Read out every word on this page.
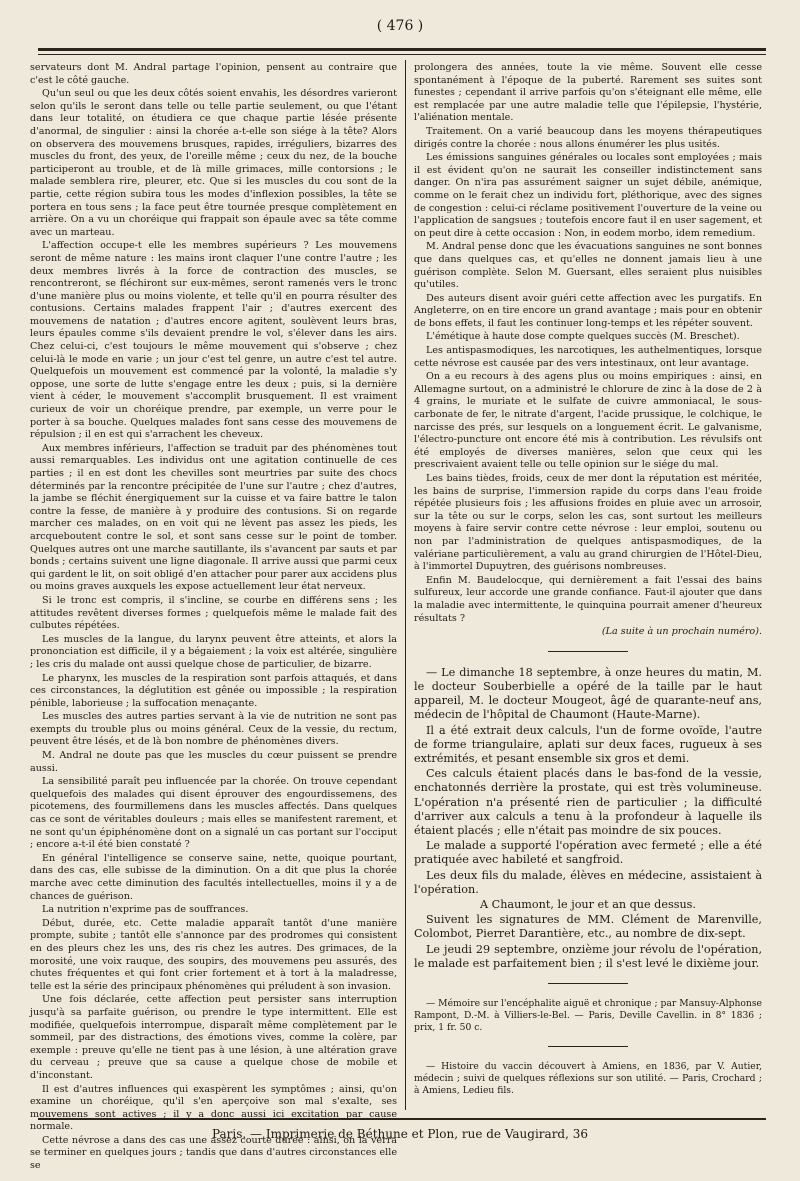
( 476 )

servateurs dont M. Andral partage l'opinion, pensent au contraire que c'est le côté gauche.

Qu'un seul ou que les deux côtés soient envahis, les désordres varieront selon qu'ils le seront dans telle ou telle partie seulement, ou que l'étant dans leur totalité, on étudiera ce que chaque partie lésée présente d'anormal, de singulier : ainsi la chorée a-t-elle son siége à la tête? Alors on observera des mouvemens brusques, rapides, irréguliers, bizarres des muscles du front, des yeux, de l'oreille même ; ceux du nez, de la bouche participeront au trouble, et de là mille grimaces, mille contorsions ; le malade semblera rire, pleurer, etc. Que si les muscles du cou sont de la partie, cette région subira tous les modes d'inflexion possibles, la tête se portera en tous sens ; la face peut être tournée presque complètement en arrière. On a vu un choréique qui frappait son épaule avec sa tête comme avec un marteau.

L'affection occupe-t elle les membres supérieurs ? Les mouvemens seront de même nature : les mains iront claquer l'une contre l'autre ; les deux membres livrés à la force de contraction des muscles, se rencontreront, se fléchiront sur eux-mêmes, seront ramenés vers le tronc d'une manière plus ou moins violente, et telle qu'il en pourra résulter des contusions. Certains malades frappent l'air ; d'autres exercent des mouvemens de natation ; d'autres encore agitent, soulèvent leurs bras, leurs épaules comme s'ils devaient prendre le vol, s'élever dans les airs. Chez celui-ci, c'est toujours le même mouvement qui s'observe ; chez celui-là le mode en varie ; un jour c'est tel genre, un autre c'est tel autre. Quelquefois un mouvement est commencé par la volonté, la maladie s'y oppose, une sorte de lutte s'engage entre les deux ; puis, si la dernière vient à céder, le mouvement s'accomplit brusquement. Il est vraiment curieux de voir un choréique prendre, par exemple, un verre pour le porter à sa bouche. Quelques malades font sans cesse des mouvemens de répulsion ; il en est qui s'arrachent les cheveux.

Aux membres inférieurs, l'affection se traduit par des phénomènes tout aussi remarquables. Les individus ont une agitation continuelle de ces parties ; il en est dont les chevilles sont meurtries par suite des chocs déterminés par la rencontre précipitée de l'une sur l'autre ; chez d'autres, la jambe se fléchit énergiquement sur la cuisse et va faire battre le talon contre la fesse, de manière à y produire des contusions. Si on regarde marcher ces malades, on en voit qui ne lèvent pas assez les pieds, les arcqueboutent contre le sol, et sont sans cesse sur le point de tomber. Quelques autres ont une marche sautillante, ils s'avancent par sauts et par bonds ; certains suivent une ligne diagonale. Il arrive aussi que parmi ceux qui gardent le lit, on soit obligé d'en attacher pour parer aux accidens plus ou moins graves auxquels les expose actuellement leur état nerveux.

Si le tronc est compris, il s'incline, se courbe en différens sens ; les attitudes revêtent diverses formes ; quelquefois même le malade fait des culbutes répétées.

Les muscles de la langue, du larynx peuvent être atteints, et alors la prononciation est difficile, il y a bégaiement ; la voix est altérée, singulière ; les cris du malade ont aussi quelque chose de particulier, de bizarre.

Le pharynx, les muscles de la respiration sont parfois attaqués, et dans ces circonstances, la déglutition est gênée ou impossible ; la respiration pénible, laborieuse ; la suffocation menaçante.

Les muscles des autres parties servant à la vie de nutrition ne sont pas exempts du trouble plus ou moins général. Ceux de la vessie, du rectum, peuvent être lésés, et de là bon nombre de phénomènes divers.

M. Andral ne doute pas que les muscles du cœur puissent se prendre aussi.

La sensibilité paraît peu influencée par la chorée. On trouve cependant quelquefois des malades qui disent éprouver des engourdissemens, des picotemens, des fourmillemens dans les muscles affectés. Dans quelques cas ce sont de véritables douleurs ; mais elles se manifestent rarement, et ne sont qu'un épiphénomène dont on a signalé un cas portant sur l'occiput ; encore a-t-il été bien constaté ?

En général l'intelligence se conserve saine, nette, quoique pourtant, dans des cas, elle subisse de la diminution. On a dit que plus la chorée marche avec cette diminution des facultés intellectuelles, moins il y a de chances de guérison.

La nutrition n'exprime pas de souffrances.

Début, durée, etc. Cette maladie apparaît tantôt d'une manière prompte, subite ; tantôt elle s'annonce par des prodromes qui consistent en des pleurs chez les uns, des ris chez les autres. Des grimaces, de la morosité, une voix rauque, des soupirs, des mouvemens peu assurés, des chutes fréquentes et qui font crier fortement et à tort à la maladresse, telle est la série des principaux phénomènes qui préludent à son invasion.

Une fois déclarée, cette affection peut persister sans interruption jusqu'à sa parfaite guérison, ou prendre le type intermittent. Elle est modifiée, quelquefois interrompue, disparaît même complètement par le sommeil, par des distractions, des émotions vives, comme la colère, par exemple : preuve qu'elle ne tient pas à une lésion, à une altération grave du cerveau ; preuve que sa cause a quelque chose de mobile et d'inconstant.

Il est d'autres influences qui exaspèrent les symptômes ; ainsi, qu'on examine un choréique, qu'il s'en aperçoive son mal s'exalte, ses mouvemens sont actives ; il y a donc aussi ici excitation par cause normale.

Cette névrose a dans des cas une assez courte durée : ainsi, on la verra se terminer en quelques jours ; tandis que dans d'autres circonstances elle se

prolongera des années, toute la vie même. Souvent elle cesse spontanément à l'époque de la puberté. Rarement ses suites sont funestes ; cependant il arrive parfois qu'on s'éteignant elle même, elle est remplacée par une autre maladie telle que l'épilepsie, l'hystérie, l'aliénation mentale.

Traitement. On a varié beaucoup dans les moyens thérapeutiques dirigés contre la chorée : nous allons énumérer les plus usités.

Les émissions sanguines générales ou locales sont employées ; mais il est évident qu'on ne saurait les conseiller indistinctement sans danger. On n'ira pas assurément saigner un sujet débile, anémique, comme on le ferait chez un individu fort, pléthorique, avec des signes de congestion : celui-ci réclame positivement l'ouverture de la veine ou l'application de sangsues ; toutefois encore faut il en user sagement, et on peut dire à cette occasion : Non, in eodem morbo, idem remedium.

M. Andral pense donc que les évacuations sanguines ne sont bonnes que dans quelques cas, et qu'elles ne donnent jamais lieu à une guérison complète. Selon M. Guersant, elles seraient plus nuisibles qu'utiles.

Des auteurs disent avoir guéri cette affection avec les purgatifs. En Angleterre, on en tire encore un grand avantage ; mais pour en obtenir de bons effets, il faut les continuer long-temps et les répéter souvent.

L'émétique à haute dose compte quelques succès (M. Breschet).

Les antispasmodiques, les narcotiques, les authelmentiques, lorsque cette névrose est causée par des vers intestinaux, ont leur avantage.

On a eu recours à des agens plus ou moins empiriques : ainsi, en Allemagne surtout, on a administré le chlorure de zinc à la dose de 2 à 4 grains, le muriate et le sulfate de cuivre ammoniacal, le sous-carbonate de fer, le nitrate d'argent, l'acide prussique, le colchique, le narcisse des prés, sur lesquels on a longuement écrit. Le galvanisme, l'électro-puncture ont encore été mis à contribution. Les révulsifs ont été employés de diverses manières, selon que ceux qui les prescrivaient avaient telle ou telle opinion sur le siége du mal.

Les bains tièdes, froids, ceux de mer dont la réputation est méritée, les bains de surprise, l'immersion rapide du corps dans l'eau froide répétée plusieurs fois ; les affusions froides en pluie avec un arrosoir, sur la tête ou sur le corps, selon les cas, sont surtout les meilleurs moyens à faire servir contre cette névrose : leur emploi, soutenu ou non par l'administration de quelques antispasmodiques, de la valériane particulièrement, a valu au grand chirurgien de l'Hôtel-Dieu, à l'immortel Dupuytren, des guérisons nombreuses.

Enfin M. Baudelocque, qui dernièrement a fait l'essai des bains sulfureux, leur accorde une grande confiance. Faut-il ajouter que dans la maladie avec intermittente, le quinquina pourrait amener d'heureux résultats ?

(La suite à un prochain numéro).

— Le dimanche 18 septembre, à onze heures du matin, M. le docteur Souberbielle a opéré de la taille par le haut appareil, M. le docteur Mougeot, âgé de quarante-neuf ans, médecin de l'hôpital de Chaumont (Haute-Marne).

Il a été extrait deux calculs, l'un de forme ovoïde, l'autre de forme triangulaire, aplati sur deux faces, rugueux à ses extrémités, et pesant ensemble six gros et demi.

Ces calculs étaient placés dans le bas-fond de la vessie, enchatonnés derrière la prostate, qui est très volumineuse. L'opération n'a présenté rien de particulier ; la difficulté d'arriver aux calculs a tenu à la profondeur à laquelle ils étaient placés ; elle n'était pas moindre de six pouces.

Le malade a supporté l'opération avec fermeté ; elle a été pratiquée avec habileté et sangfroid.

Les deux fils du malade, élèves en médecine, assistaient à l'opération.

A Chaumont, le jour et an que dessus.

Suivent les signatures de MM. Clément de Marenville, Colombot, Pierret Darantière, etc., au nombre de dix-sept.

Le jeudi 29 septembre, onzième jour révolu de l'opération, le malade est parfaitement bien ; il s'est levé le dixième jour.

— Mémoire sur l'encéphalite aiguë et chronique ; par Mansuy-Alphonse Rampont, D.-M. à Villiers-le-Bel. — Paris, Deville Cavellin. in 8° 1836 ; prix, 1 fr. 50 c.

— Histoire du vaccin découvert à Amiens, en 1836, par V. Autier, médecin ; suivi de quelques réflexions sur son utilité. — Paris, Crochard ; à Amiens, Ledieu fils.

Paris. — Imprimerie de Béthune et Plon, rue de Vaugirard, 36
